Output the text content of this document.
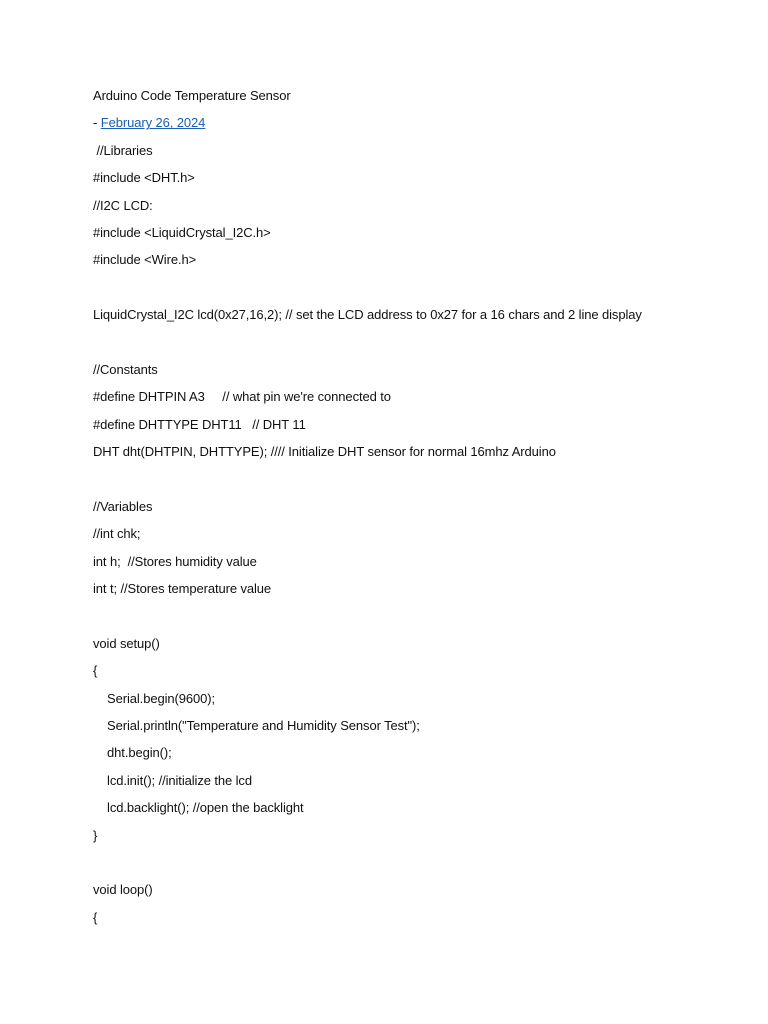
Arduino Code Temperature Sensor
- February 26, 2024
//Libraries
#include <DHT.h>
//I2C LCD:
#include <LiquidCrystal_I2C.h>
#include <Wire.h>
LiquidCrystal_I2C lcd(0x27,16,2); // set the LCD address to 0x27 for a 16 chars and 2 line display
//Constants
#define DHTPIN A3     // what pin we're connected to
#define DHTTYPE DHT11   // DHT 11
DHT dht(DHTPIN, DHTTYPE); //// Initialize DHT sensor for normal 16mhz Arduino
//Variables
//int chk;
int h;  //Stores humidity value
int t; //Stores temperature value
void setup()
{
Serial.begin(9600);
Serial.println("Temperature and Humidity Sensor Test");
dht.begin();
lcd.init(); //initialize the lcd
lcd.backlight(); //open the backlight
}
void loop()
{
